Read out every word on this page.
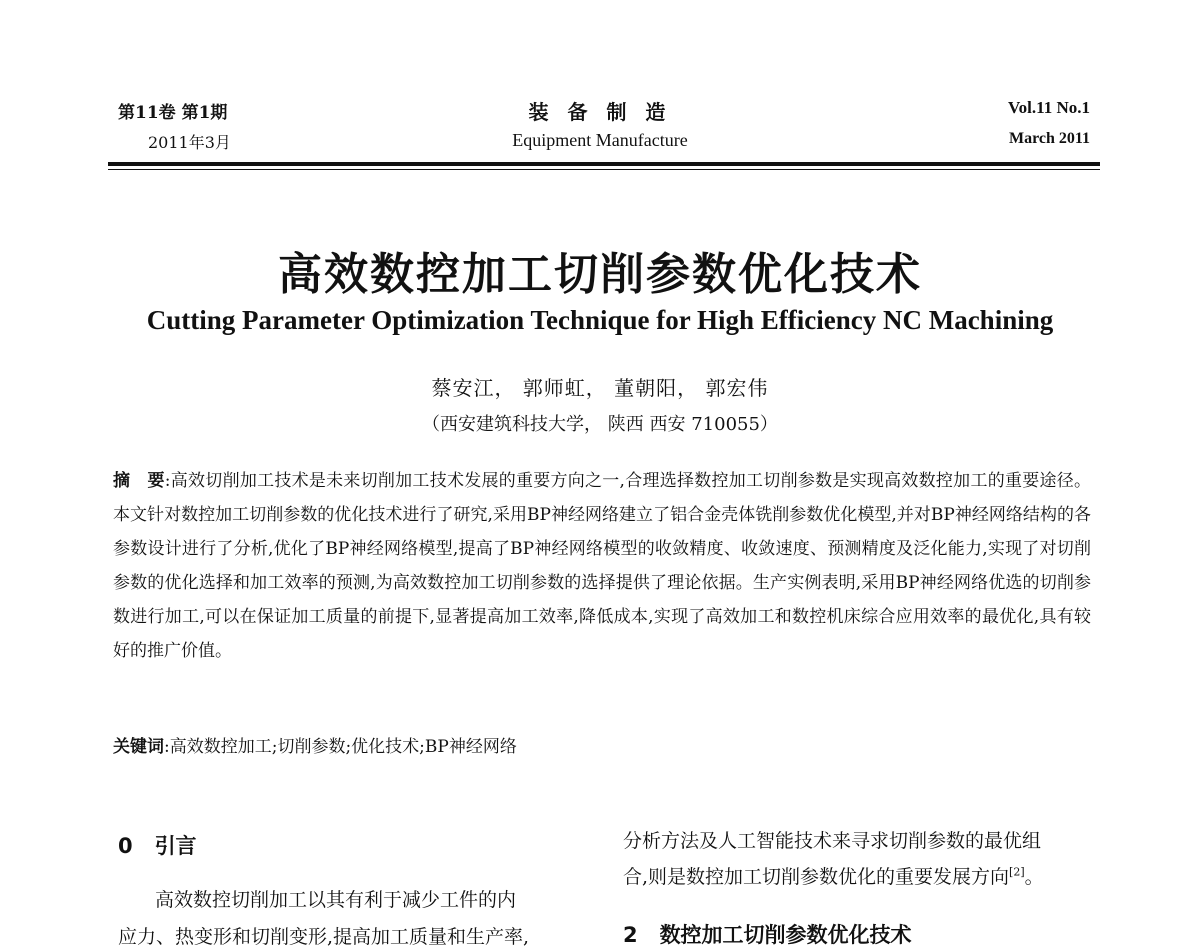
第11卷 第1期
2011年3月
装 备 制 造
Equipment Manufacture
Vol.11 No.1
March 2011
高效数控加工切削参数优化技术
Cutting Parameter Optimization Technique for High Efficiency NC Machining
蔡安江， 郭师虹， 董朝阳， 郭宏伟
（西安建筑科技大学， 陕西 西安 710055）
摘　要:高效切削加工技术是未来切削加工技术发展的重要方向之一,合理选择数控加工切削参数是实现高效数控加工的重要途径。本文针对数控加工切削参数的优化技术进行了研究,采用BP神经网络建立了铝合金壳体铣削参数优化模型,并对BP神经网络结构的各参数设计进行了分析,优化了BP神经网络模型,提高了BP神经网络模型的收敛精度、收敛速度、预测精度及泛化能力,实现了对切削参数的优化选择和加工效率的预测,为高效数控加工切削参数的选择提供了理论依据。生产实例表明,采用BP神经网络优选的切削参数进行加工,可以在保证加工质量的前提下,显著提高加工效率,降低成本,实现了高效加工和数控机床综合应用效率的最优化,具有较好的推广价值。
关键词:高效数控加工;切削参数;优化技术;BP神经网络
0 引言
高效数控切削加工以其有利于减少工件的内
应力、热变形和切削变形,提高加工质量和生产率,
分析方法及人工智能技术来寻求切削参数的最优组
合,则是数控加工切削参数优化的重要发展方向[2]。
2 数控加工切削参数优化技术
